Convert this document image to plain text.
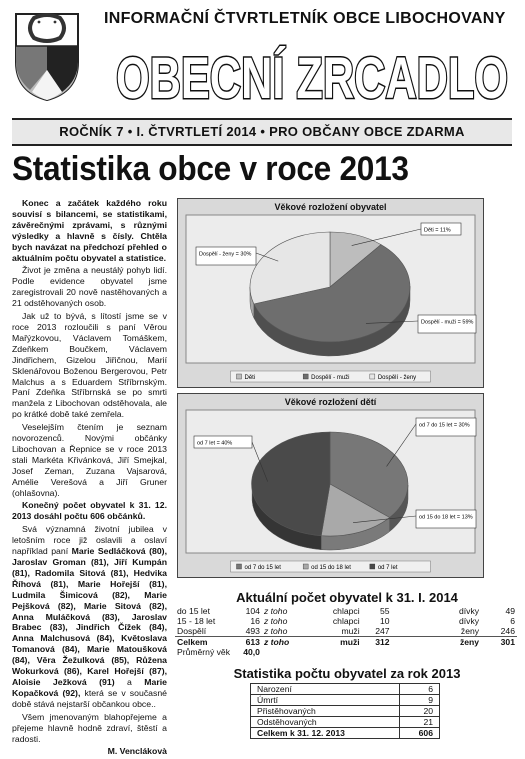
INFORMAČNÍ ČTVRTLETNÍK OBCE LIBOCHOVANY
OBECNÍ ZRCADLO
ROČNÍK 7 • I. ČTVRTLETÍ 2014 • PRO OBČANY OBCE ZDARMA
Statistika obce v roce 2013

Konec a začátek každého roku souvisí s bilancemi, se statistikami, závěrečnými zprávami, s různými výsledky a hlavně s čísly. Chtěla bych navázat na předchozí přehled o aktuálním počtu obyvatel a statistice.

Život je změna a neustálý pohyb lidí. Podle evidence obyvatel jsme zaregistrovali 20 nově nastěhovaných a 21 odstěhovaných osob.

Jak už to bývá, s lítostí jsme se v roce 2013 rozloučili s paní Věrou Mařýzkovou, Václavem Tomáškem, Zdeňkem Boučkem, Václavem Jindřichem, Gizelou Jiřičnou, Marií Sklenářovou Boženou Bergerovou, Petr Malchus a s Eduardem Stříbrnským. Paní Zdeňka Stříbrnská se po smrti manžela z Libochovan odstěhovala, ale po krátké době také zemřela.

Veselejším čtením je seznam novorozenců. Novými občánky Libochovan a Řepnice se v roce 2013 stali Markéta Křivánková, Jiří Smejkal, Josef Zeman, Zuzana Vajsarová, Amélie Verešová a Jiří Gruner (ohlašovna).

Konečný počet obyvatel k 31. 12. 2013 dosáhl počtu 606 občánků.

Svá významná životní jubilea v letošním roce již oslavili a oslaví například paní Marie Sedláčková (80), Jaroslav Groman (81), Jiří Kumpán (81), Radomila Sitová (81), Hedvika Říhová (81), Marie Hořejší (81), Ludmila Šimicová (82), Marie Pejšková (82), Marie Sitová (82), Anna Muláčková (83), Jaroslav Brabec (83), Jindřich Čížek (84), Anna Malchusová (84), Květoslava Tomanová (84), Marie Matoušková (84), Věra Žežulková (85), Růžena Wokurková (86), Karel Hořejší (87), Aloisie Ježková (91) a Marie Kopačková (92), která se v současné době stává nejstarší občankou obce..

Všem jmenovaným blahopřejeme a přejeme hlavně hodně zdraví, štěstí a radosti.

M. Venclákovà

Věkové rozložení obyvatel
Děti = 11%
Dospělí - muži = 59%
Dospělí - ženy = 30%
Děti	Dospělí - muži	Dospělí - ženy
Věkové rozložení dětí
od 7 do 15 let = 30%
od 15 do 18 let = 13%
od 7 let = 40%
od 7 do 15 let	od 15 do 18 let	od 7 let
Aktuální počet obyvatel k 31. I. 2014
do 15 let	104	z toho	chlapci	55	dívky	49
15 - 18 let	16	z toho	chlapci	10	dívky	6
Dospělí	493	z toho	muži	247	ženy	246
Celkem	613	z toho	muži	312	ženy	301
Průměrný věk	40,0					
Statistika počtu obyvatel za rok 2013
Narození	6
Úmrtí	9
Přistěhovaných	20
Odstěhovaných	21
Celkem k 31. 12. 2013	606
